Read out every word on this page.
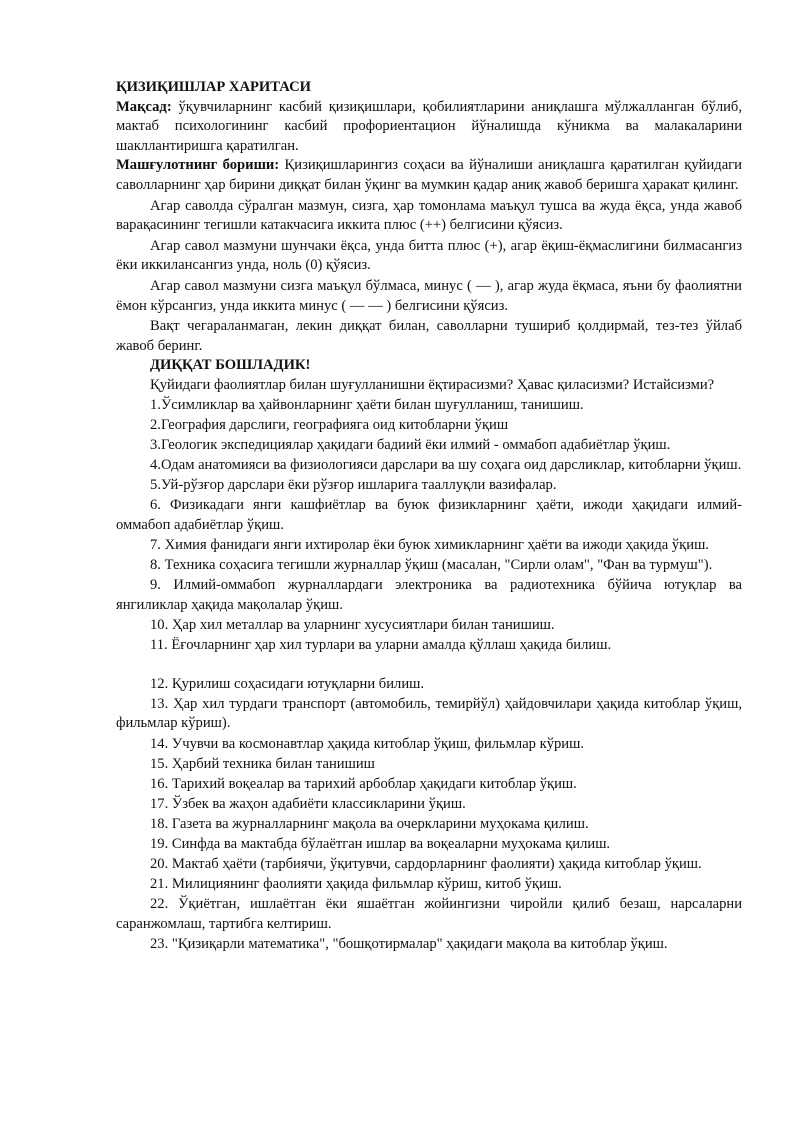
ҚИЗИҚИШЛАР ХАРИТАСИ

Мақсад: ўқувчиларнинг касбий қизиқишлари, қобилиятларини аниқлашга мўлжалланган бўлиб, мактаб психологининг касбий профориентацион йўналишда кўникма ва малакаларини шакллантиришга қаратилган.

Машғулотнинг бориши: Қизиқишларингиз соҳаси ва йўналиши аниқлашга қаратилган қуйидаги саволларнинг ҳар бирини диққат билан ўқинг ва мумкин қадар аниқ жавоб беришга ҳаракат қилинг.

Агар саволда сўралган мазмун, сизга, ҳар томонлама маъқул тушса ва жуда ёқса, унда жавоб варақасининг тегишли катакчасига иккита плюс (++) белгисини қўясиз.

Агар савол мазмуни шунчаки ёқса, унда битта плюс (+), агар ёқиш-ёқмаслигини билмасангиз ёки иккилансангиз унда, ноль (0) қўясиз.

Агар савол мазмуни сизга маъқул бўлмаса, минус ( — ), агар жуда ёқмаса, яъни бу фаолиятни ёмон кўрсангиз, унда иккита минус ( — — ) белгисини қўясиз.

Вақт чегараланмаган, лекин диққат билан, саволларни тушириб қолдирмай, тез-тез ўйлаб жавоб беринг.

ДИҚҚАТ БОШЛАДИК!

Қуйидаги фаолиятлар билан шуғулланишни ёқтирасизми? Ҳавас қиласизми? Истайсизми?

1.Ўсимликлар ва ҳайвонларнинг ҳаёти билан шуғулланиш, танишиш.

2.География дарслиги, географияга оид китобларни ўқиш

3.Геологик экспедициялар ҳақидаги бадиий ёки илмий - оммабоп адабиётлар ўқиш.

4.Одам анатомияси ва физиологияси дарслари ва шу соҳага оид дарсликлар, китобларни ўқиш.

5.Уй-рўзғор дарслари ёки рўзғор ишларига тааллуқли вазифалар.

6. Физикадаги янги кашфиётлар ва буюк физикларнинг ҳаёти, ижоди ҳақидаги илмий-оммабоп адабиётлар ўқиш.

7. Химия фанидаги янги ихтиролар ёки буюк химикларнинг ҳаёти ва ижоди ҳақида ўқиш.

8. Техника соҳасига тегишли журналлар ўқиш (масалан, "Сирли олам", "Фан ва турмуш").

9. Илмий-оммабоп журналлардаги электроника ва радиотехника бўйича ютуқлар ва янгиликлар ҳақида мақолалар ўқиш.

10. Ҳар хил металлар ва уларнинг хусусиятлари билан танишиш.

11. Ёғочларнинг ҳар хил турлари ва уларни амалда қўллаш ҳақида билиш.

12. Қурилиш соҳасидаги ютуқларни билиш.

13. Ҳар хил турдаги транспорт (автомобиль, темирйўл) ҳайдовчилари ҳақида китоблар ўқиш, фильмлар кўриш).

14. Учувчи ва космонавтлар ҳақида китоблар ўқиш, фильмлар кўриш.

15. Ҳарбий техника билан танишиш

16. Тарихий воқеалар ва тарихий арбоблар ҳақидаги китоблар ўқиш.

17. Ўзбек ва жаҳон адабиёти классикларини ўқиш.

18. Газета ва журналларнинг мақола ва очеркларини муҳокама қилиш.

19. Синфда ва мактабда бўлаётган ишлар ва воқеаларни муҳокама қилиш.

20. Мактаб ҳаёти (тарбиячи, ўқитувчи, сардорларнинг фаолияти) ҳақида китоблар ўқиш.

21. Милициянинг фаолияти ҳақида фильмлар кўриш, китоб ўқиш.

22. Ўқиётган, ишлаётган ёки яшаётган жойингизни чиройли қилиб безаш, нарсаларни саранжомлаш, тартибга келтириш.

23. "Қизиқарли математика", "бошқотирмалар" ҳақидаги мақола ва китоблар ўқиш.
